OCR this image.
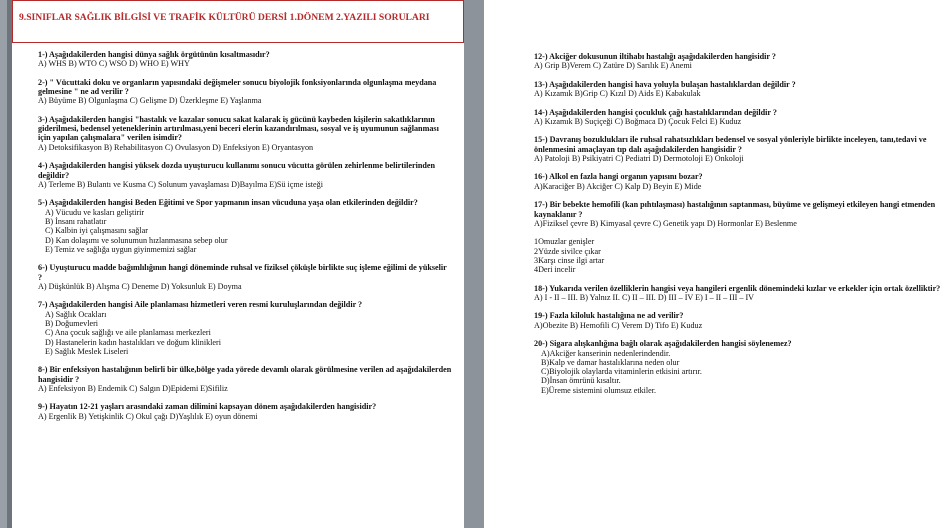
9.SINIFLAR SAĞLIK BİLGİSİ VE TRAFİK KÜLTÜRÜ DERSİ 1.DÖNEM 2.YAZILI SORULARI
1-) Aşağıdakilerden hangisi dünya sağlık örgütünün kısaltmasıdır?
A) WHS B) WTO C) WSO D) WHO E) WHY
2-) " Vücuttaki doku ve organların yapısındaki değişmeler sonucu biyolojik fonksiyonlarında olgunlaşma meydana gelmesine " ne ad verilir ?
A) Büyüme B) Olgunlaşma C) Gelişme D) Üzerkleşme E) Yaşlanma
3-) Aşağıdakilerden hangisi "hastalık ve kazalar sonucu sakat kalarak iş gücünü kaybeden kişilerin sakatlıklarının giderilmesi, bedensel yeteneklerinin artırılması,yeni beceri elerin kazandırılması, sosyal ve iş uyumunun sağlanması için yapılan çalışmalara" verilen isimdir?
A) Detoksifikasyon B) Rehabilitasyon C) Ovulasyon D) Enfeksiyon E) Oryantasyon
4-) Aşağıdakilerden hangisi yüksek dozda uyuşturucu kullanımı sonucu vücutta görülen zehirlenme belirtilerinden değildir?
A) Terleme B) Bulantı ve Kusma C) Solunum yavaşlaması D)Bayılma E)Sü içme isteği
5-) Aşağıdakilerden hangisi Beden Eğitimi ve Spor yapmanın insan vücuduna yaşa olan etkilerinden değildir?
A) Vücudu ve kasları geliştirir
B) İnsanı rahatlatır
C) Kalbin iyi çalışmasını sağlar
D) Kan dolaşımı ve solunumun hızlanmasına sebep olur
E) Temiz ve sağlığa uygun giyinmemizi sağlar
6-) Uyuşturucu madde bağımlılığının hangi döneminde ruhsal ve fiziksel çöküşle birlikte suç işleme eğilimi de yükselir ?
A) Düşkünlük B) Alışma C) Deneme D) Yoksunluk E) Doyma
7-) Aşağıdakilerden hangisi Aile planlaması hizmetleri veren resmi kuruluşlarından değildir ?
A) Sağlık Ocakları
B) Doğumevleri
C) Ana çocuk sağlığı ve aile planlaması merkezleri
D) Hastanelerin kadın hastalıkları ve doğum klinikleri
E) Sağlık Meslek Liseleri
8-) Bir enfeksiyon hastalığının belirli bir ülke,bölge yada yörede devamlı olarak görülmesine verilen ad aşağıdakilerden hangisidir ?
A) Enfeksiyon B) Endemik C) Salgın D)Epidemi E)Sifiliz
9-) Hayatın 12-21 yaşları arasındaki zaman dilimini kapsayan dönem aşağıdakilerden hangisidir?
A) Ergenlik B) Yetişkinlik C) Okul çağı D)Yaşlılık E) oyun dönemi
12-) Akciğer dokusunun iltihabı hastalığı aşağıdakilerden hangisidir ?
A) Grip B)Verem C) Zatüre D) Sarılık E) Anemi
13-) Aşağıdakilerden hangisi hava yoluyla bulaşan hastalıklardan değildir ?
A) Kızamık B)Grip C) Kızıl D) Aids E) Kabakulak
14-) Aşağıdakilerden hangisi çocukluk çağı hastalıklarından değildir ?
A) Kızamık B) Suçiçeği C) Boğmaca D) Çocuk Felci E) Kuduz
15-) Davranış bozuklukları ile ruhsal rahatsızlıkları bedensel ve sosyal yönleriyle birlikte inceleyen, tanı,tedavi ve önlenmesini amaçlayan tıp dalı aşağıdakilerden hangisidir ?
A) Patoloji B) Psikiyatri C) Pediatri D) Dermotoloji E) Onkoloji
16-) Alkol en fazla hangi organın yapısını bozar?
A)Karaciğer B) Akciğer C) Kalp D) Beyin E) Mide
17-) Bir bebekte hemofili (kan pıhtılaşması) hastalığının saptanması, büyüme ve gelişmeyi etkileyen hangi etmenden kaynaklanır ?
A)Fiziksel çevre B) Kimyasal çevre C) Genetik yapı D) Hormonlar E) Beslenme
1Omuzlar genişler
2Yüzde sivilce çıkar
3Karşı cinse ilgi artar
4Deri incelir
18-) Yukarıda verilen özelliklerin hangisi veya hangileri ergenlik dönemindeki kızlar ve erkekler için ortak özelliktir?
A) I - II – III. B) Yalnız II. C) II – III. D) III – IV E) I – II – III – IV
19-) Fazla kiloluk hastalığına ne ad verilir?
A)Obezite B) Hemofili C) Verem D) Tifo E) Kuduz
20-) Sigara alışkanlığına bağlı olarak aşağıdakilerden hangisi söylenemez?
A)Akciğer kanserinin nedenlerindendir.
B)Kalp ve damar hastalıklarına neden olur
C)Biyolojik olaylarda vitaminlerin etkisini artırır.
D)İnsan ömrünü kısaltır.
E)Üreme sistemini olumsuz etkiler.
